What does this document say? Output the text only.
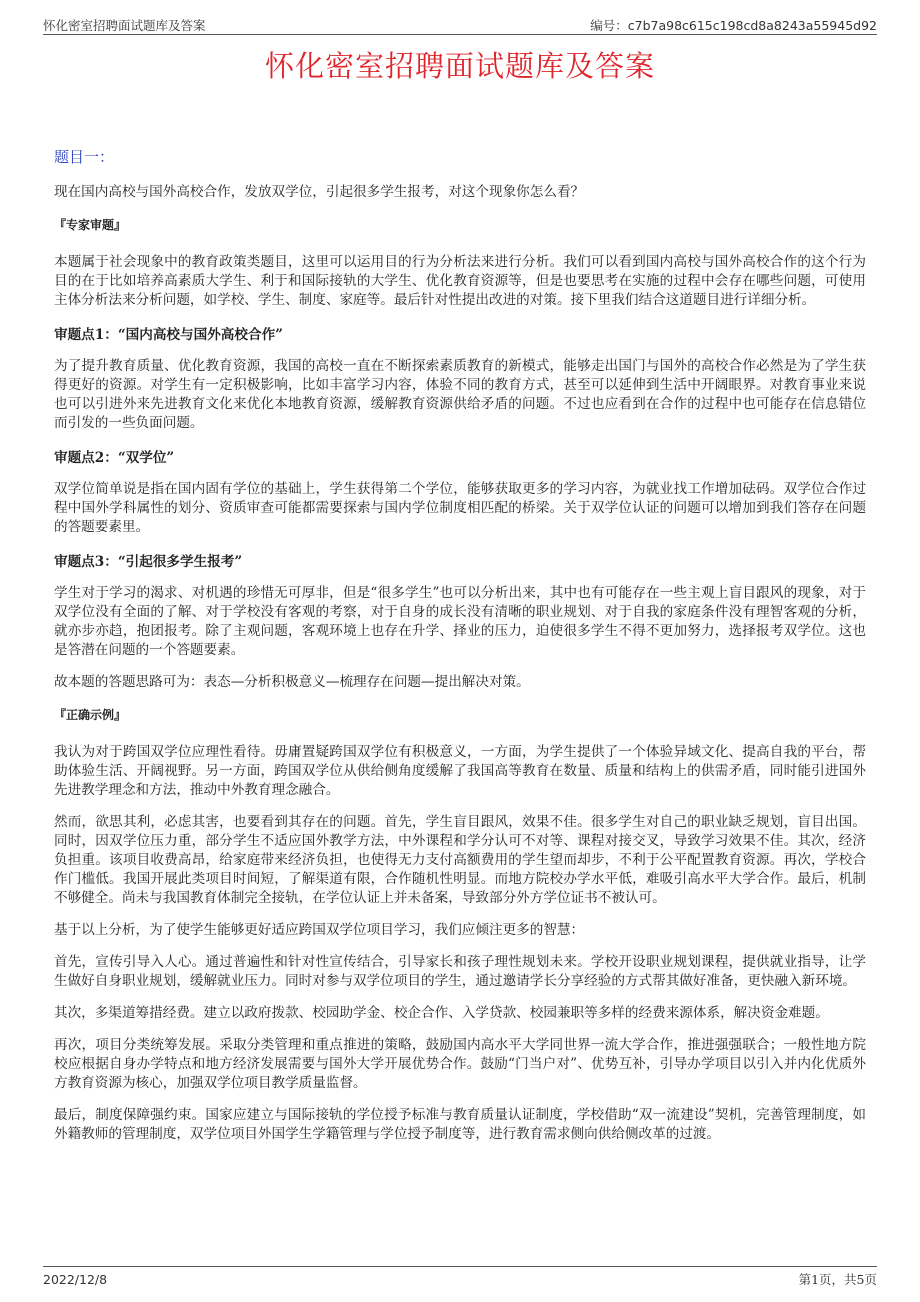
怀化密室招聘面试题库及答案	编号：c7b7a98c615c198cd8a8243a55945d92
怀化密室招聘面试题库及答案
题目一：

现在国内高校与国外高校合作，发放双学位，引起很多学生报考，对这个现象你怎么看？

『专家审题』

本题属于社会现象中的教育政策类题目，这里可以运用目的行为分析法来进行分析。我们可以看到国内高校与国外高校合作的这个行为目的在于比如培养高素质大学生、利于和国际接轨的大学生、优化教育资源等，但是也要思考在实施的过程中会存在哪些问题，可使用主体分析法来分析问题，如学校、学生、制度、家庭等。最后针对性提出改进的对策。接下里我们结合这道题目进行详细分析。

审题点1：“国内高校与国外高校合作”

为了提升教育质量、优化教育资源，我国的高校一直在不断探索素质教育的新模式，能够走出国门与国外的高校合作必然是为了学生获得更好的资源。对学生有一定积极影响，比如丰富学习内容，体验不同的教育方式，甚至可以延伸到生活中开阔眼界。对教育事业来说也可以引进外来先进教育文化来优化本地教育资源，缓解教育资源供给矛盾的问题。不过也应看到在合作的过程中也可能存在信息错位而引发的一些负面问题。

审题点2：“双学位”

双学位简单说是指在国内固有学位的基础上，学生获得第二个学位，能够获取更多的学习内容，为就业找工作增加砝码。双学位合作过程中国外学科属性的划分、资质审查可能都需要探索与国内学位制度相匹配的桥梁。关于双学位认证的问题可以增加到我们答存在问题的答题要素里。

审题点3：“引起很多学生报考”

学生对于学习的渴求、对机遇的珍惜无可厚非，但是“很多学生”也可以分析出来，其中也有可能存在一些主观上盲目跟风的现象，对于双学位没有全面的了解、对于学校没有客观的考察，对于自身的成长没有清晰的职业规划、对于自我的家庭条件没有理智客观的分析，就亦步亦趋，抱团报考。除了主观问题，客观环境上也存在升学、择业的压力，迫使很多学生不得不更加努力，选择报考双学位。这也是答潜在问题的一个答题要素。

故本题的答题思路可为：表态—分析积极意义—梳理存在问题—提出解决对策。

『正确示例』

我认为对于跨国双学位应理性看待。毋庸置疑跨国双学位有积极意义，一方面，为学生提供了一个体验异域文化、提高自我的平台，帮助体验生活、开阔视野。另一方面，跨国双学位从供给侧角度缓解了我国高等教育在数量、质量和结构上的供需矛盾，同时能引进国外先进教学理念和方法，推动中外教育理念融合。

然而，欲思其利，必虑其害，也要看到其存在的问题。首先，学生盲目跟风，效果不佳。很多学生对自己的职业缺乏规划，盲目出国。同时，因双学位压力重，部分学生不适应国外教学方法，中外课程和学分认可不对等、课程对接交叉，导致学习效果不佳。其次，经济负担重。该项目收费高昂，给家庭带来经济负担，也使得无力支付高额费用的学生望而却步，不利于公平配置教育资源。再次，学校合作门槛低。我国开展此类项目时间短，了解渠道有限，合作随机性明显。而地方院校办学水平低，难吸引高水平大学合作。最后，机制不够健全。尚未与我国教育体制完全接轨，在学位认证上并未备案，导致部分外方学位证书不被认可。

基于以上分析，为了使学生能够更好适应跨国双学位项目学习，我们应倾注更多的智慧：

首先，宣传引导入人心。通过普遍性和针对性宣传结合，引导家长和孩子理性规划未来。学校开设职业规划课程，提供就业指导，让学生做好自身职业规划，缓解就业压力。同时对参与双学位项目的学生，通过邀请学长分享经验的方式帮其做好准备，更快融入新环境。

其次，多渠道筹措经费。建立以政府拨款、校园助学金、校企合作、入学贷款、校园兼职等多样的经费来源体系，解决资金难题。

再次，项目分类统筹发展。采取分类管理和重点推进的策略，鼓励国内高水平大学同世界一流大学合作，推进强强联合；一般性地方院校应根据自身办学特点和地方经济发展需要与国外大学开展优势合作。鼓励“门当户对”、优势互补，引导办学项目以引入并内化优质外方教育资源为核心，加强双学位项目教学质量监督。

最后，制度保障强约束。国家应建立与国际接轨的学位授予标准与教育质量认证制度，学校借助“双一流建设”契机，完善管理制度，如外籍教师的管理制度，双学位项目外国学生学籍管理与学位授予制度等，进行教育需求侧向供给侧改革的过渡。

2022/12/8	第1页，共5页
